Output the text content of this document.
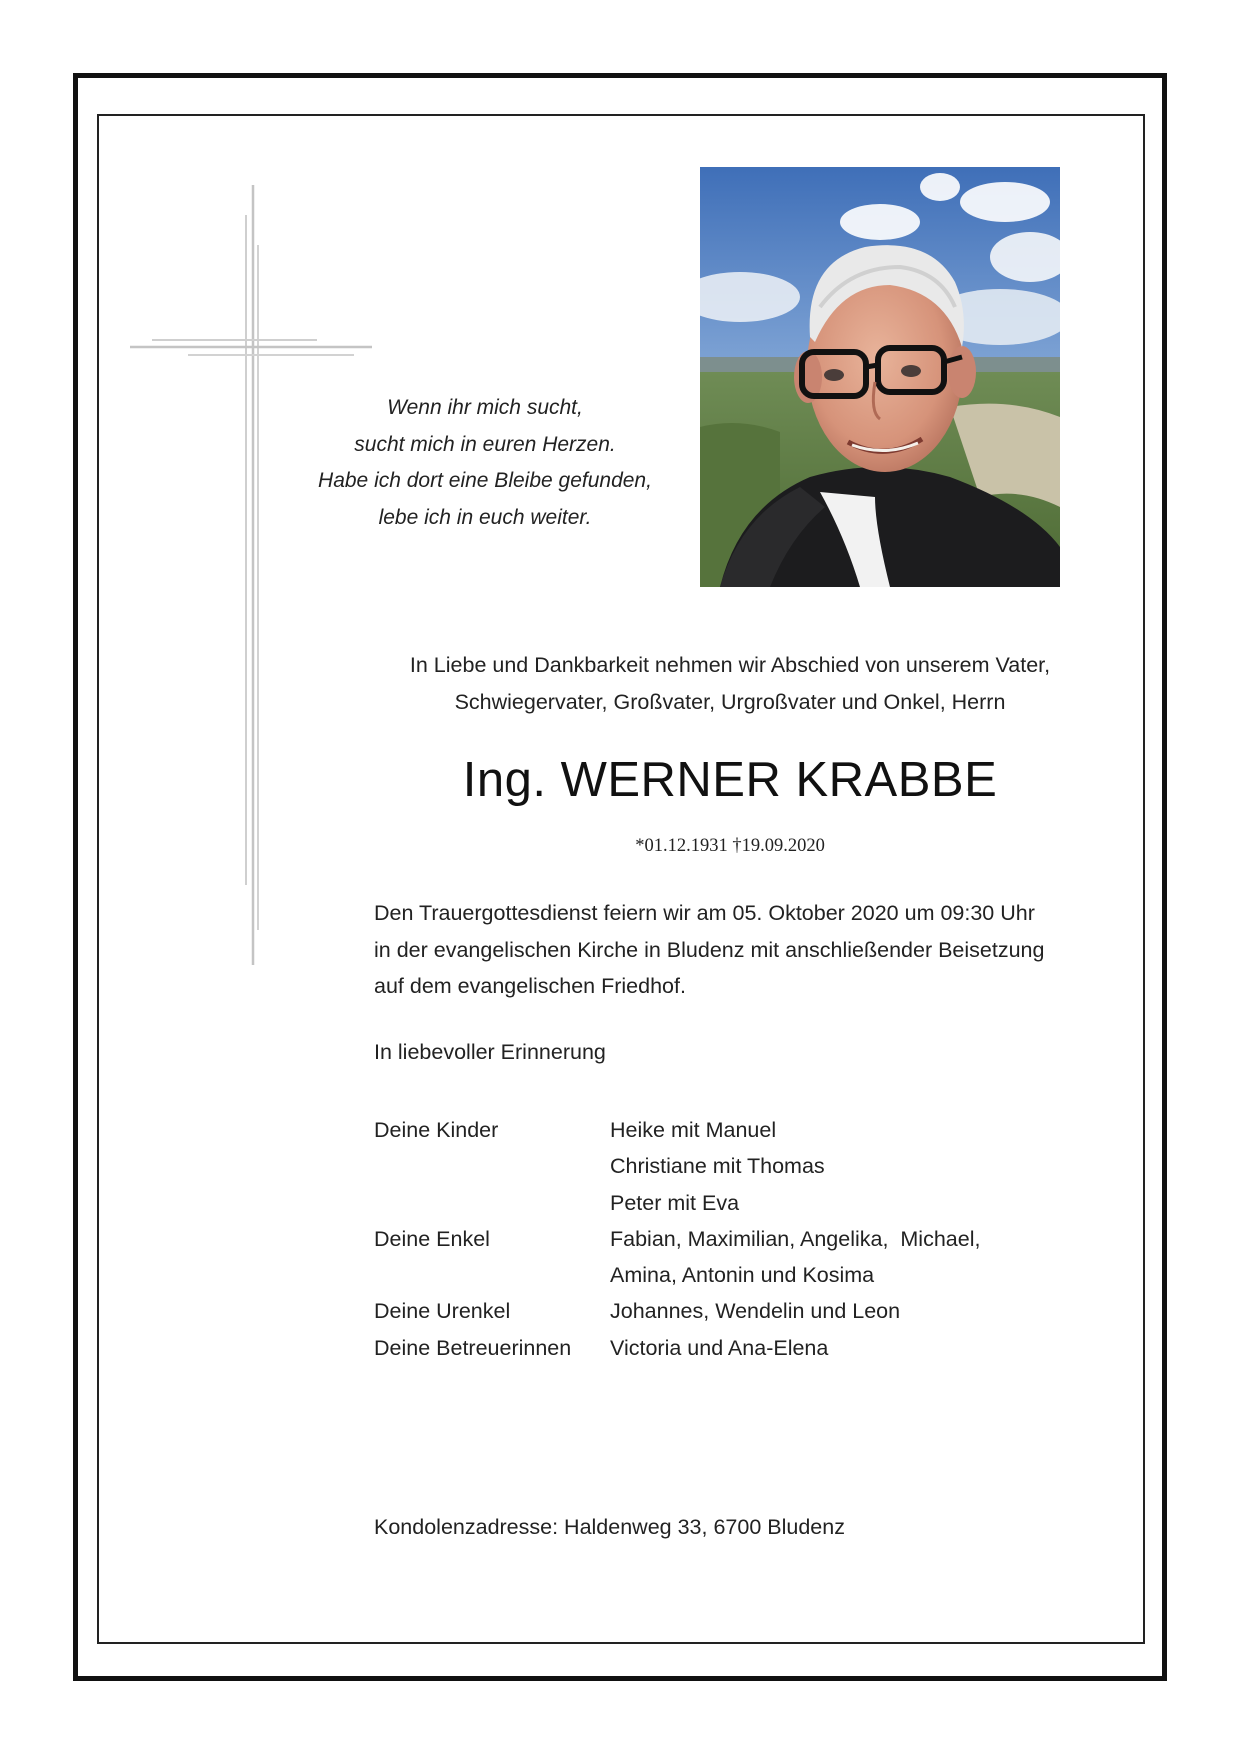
Wenn ihr mich sucht,
sucht mich in euren Herzen.
Habe ich dort eine Bleibe gefunden,
lebe ich in euch weiter.
In Liebe und Dankbarkeit nehmen wir Abschied von unserem Vater,
Schwiegervater, Großvater, Urgroßvater und Onkel, Herrn
Ing. WERNER KRABBE
*01.12.1931 †19.09.2020
Den Trauergottesdienst feiern wir am 05. Oktober 2020 um 09:30 Uhr
in der evangelischen Kirche in Bludenz mit anschließender Beisetzung
auf dem evangelischen Friedhof.
In liebevoller Erinnerung
Deine Kinder	Heike mit Manuel
Christiane mit Thomas
Peter mit Eva
Deine Enkel	Fabian, Maximilian, Angelika,  Michael,
Amina, Antonin und Kosima
Deine Urenkel	Johannes, Wendelin und Leon
Deine Betreuerinnen	Victoria und Ana-Elena
Kondolenzadresse: Haldenweg 33, 6700 Bludenz
